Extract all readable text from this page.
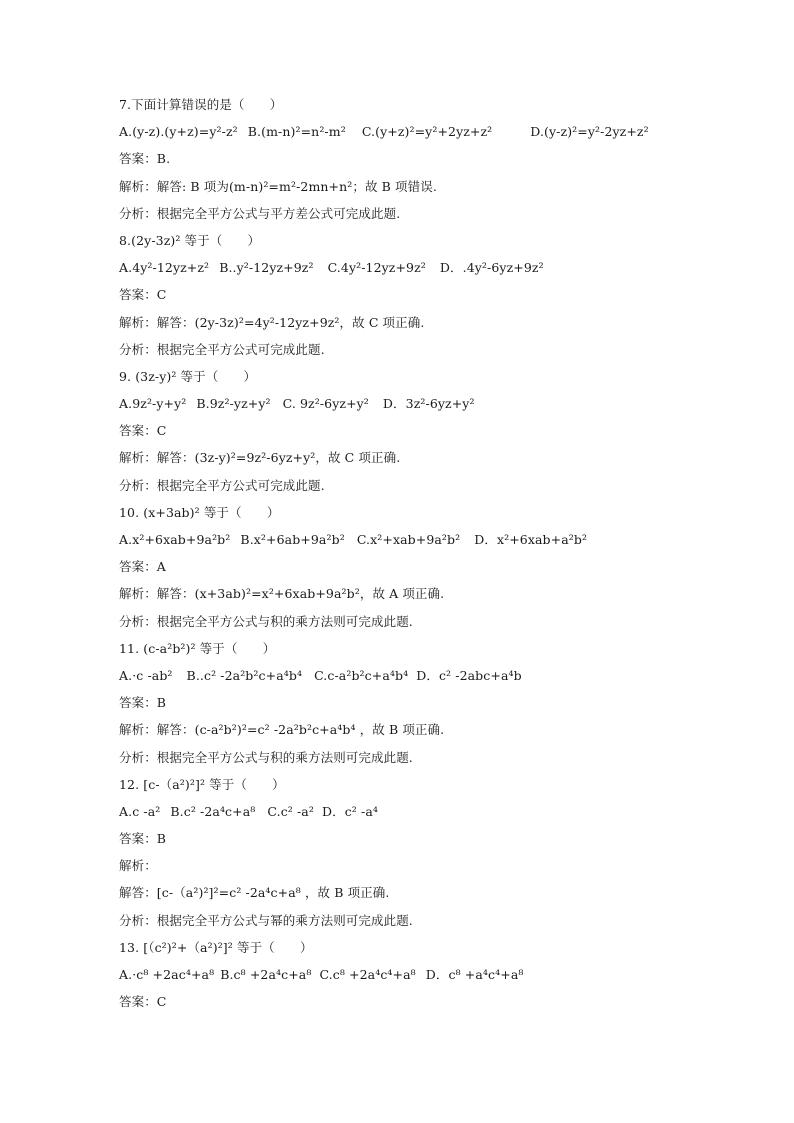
7.下面计算错误的是（　　）
A.(y-z).(y+z)=y²-z² B.(m-n)²=n²-m² C.(y+z)²=y²+2yz+z²	D.(y-z)²=y²-2yz+z²
答案：B.
解析：解答: B 项为(m-n)²=m²-2mn+n²；故 B 项错误.
分析：根据完全平方公式与平方差公式可完成此题.
8.(2y-3z)² 等于（　　）
A.4y²-12yz+z² B..y²-12yz+9z² C.4y²-12yz+9z² D．.4y²-6yz+9z²
答案：C
解析：解答：(2y-3z)²=4y²-12yz+9z²，故 C 项正确.
分析：根据完全平方公式可完成此题.
9. (3z-y)² 等于（　　）
A.9z²-y+y² B.9z²-yz+y² C. 9z²-6yz+y² D．3z²-6yz+y²
答案：C
解析：解答：(3z-y)²=9z²-6yz+y²，故 C 项正确.
分析：根据完全平方公式可完成此题.
10. (x+3ab)² 等于（　　）
A.x²+6xab+9a²b² B.x²+6ab+9a²b² C.x²+xab+9a²b² D．x²+6xab+a²b²
答案：A
解析：解答：(x+3ab)²=x²+6xab+9a²b²，故 A 项正确.
分析：根据完全平方公式与积的乘方法则可完成此题.
11. (c-a²b²)² 等于（　　）
A.·c -ab² B..c² -2a²b²c+a⁴b⁴ C.c-a²b²c+a⁴b⁴ D．c² -2abc+a⁴b
答案：B
解析：解答：(c-a²b²)²=c² -2a²b²c+a⁴b⁴ ，故 B 项正确.
分析：根据完全平方公式与积的乘方法则可完成此题.
12. [c-（a²)²]² 等于（　　）
A.c -a² B.c² -2a⁴c+a⁸ C.c² -a² D．c² -a⁴
答案：B
解析：
解答：[c-（a²)²]²=c² -2a⁴c+a⁸ ，故 B 项正确.
分析：根据完全平方公式与幂的乘方法则可完成此题.
13. [（c²)²+（a²)²]² 等于（　　）
A.·c⁸ +2ac⁴+a⁸ B.c⁸ +2a⁴c+a⁸ C.c⁸ +2a⁴c⁴+a⁸ D．c⁸ +a⁴c⁴+a⁸
答案：C
